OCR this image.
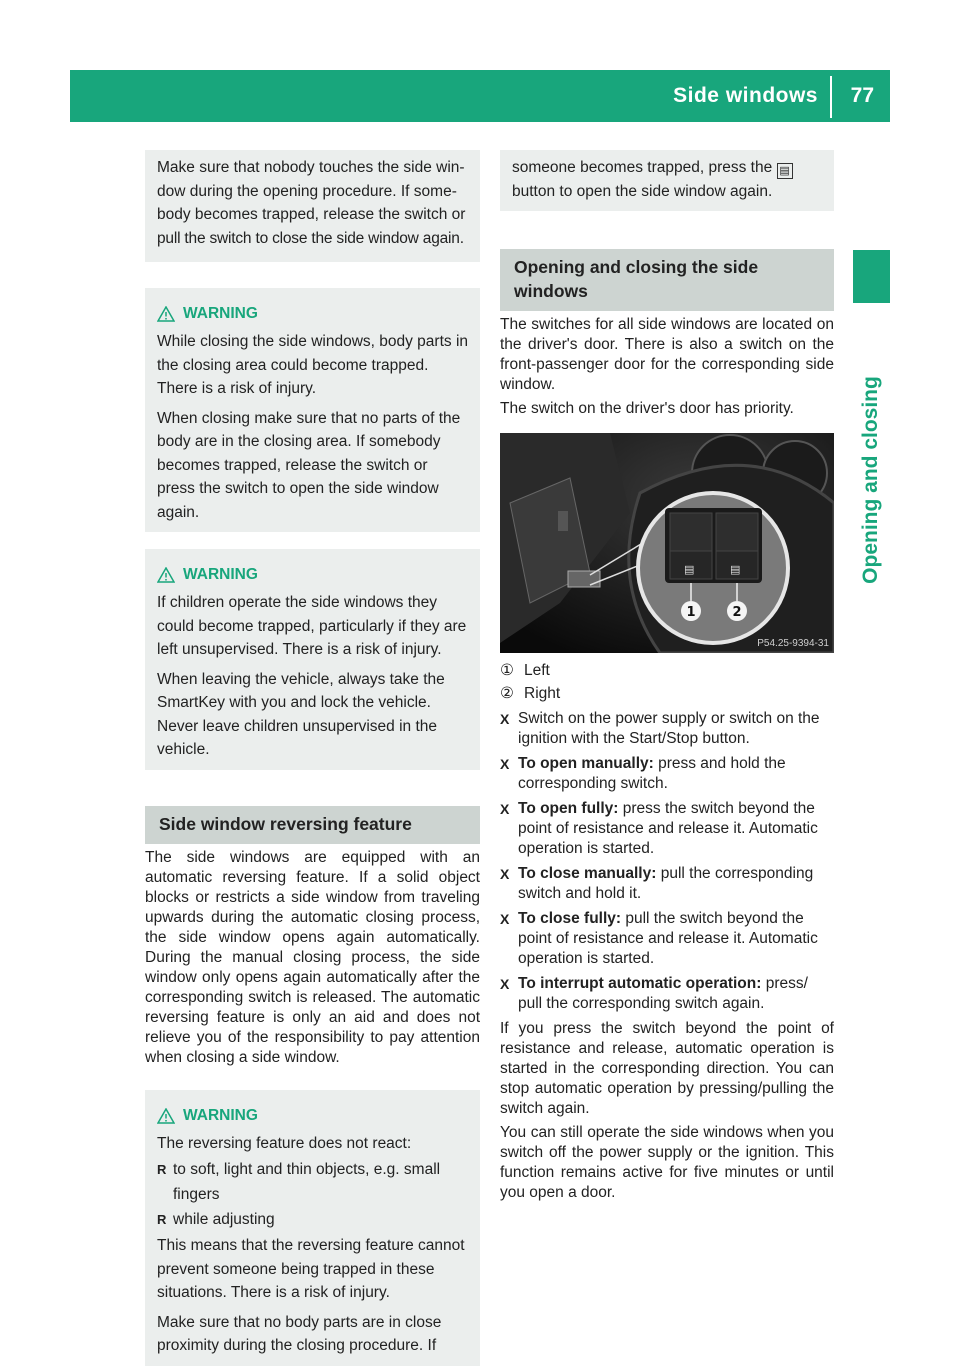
Side windows 77
Opening and closing
Make sure that nobody touches the side win-
dow during the opening procedure. If some-
body becomes trapped, release the switch or
pull the switch to close the side window again.
WARNING

While closing the side windows, body parts in the closing area could become trapped. There is a risk of injury.

When closing make sure that no parts of the body are in the closing area. If somebody becomes trapped, release the switch or press the switch to open the side window again.

WARNING

If children operate the side windows they could become trapped, particularly if they are left unsupervised. There is a risk of injury.

When leaving the vehicle, always take the SmartKey with you and lock the vehicle. Never leave children unsupervised in the vehicle.

Side window reversing feature

The side windows are equipped with an automatic reversing feature. If a solid object blocks or restricts a side window from traveling upwards during the automatic closing process, the side window opens again automatically. During the manual closing process, the side window only opens again automatically after the corresponding switch is released. The automatic reversing feature is only an aid and does not relieve you of the responsibility to pay attention when closing a side window.

WARNING

The reversing feature does not react:

R to soft, light and thin objects, e.g. small fingers
R while adjusting

This means that the reversing feature cannot prevent someone being trapped in these situations. There is a risk of injury.

Make sure that no body parts are in close proximity during the closing procedure. If

someone becomes trapped, press the ▤ button to open the side window again.

Opening and closing the side windows

The switches for all side windows are located on the driver's door. There is also a switch on the front-passenger door for the corresponding side window.

The switch on the driver's door has priority.

▤	▤
1	2
P54.25-9394-31
① Left
② Right
X Switch on the power supply or switch on the ignition with the Start/Stop button.
X To open manually: press and hold the corresponding switch.
X To open fully: press the switch beyond the point of resistance and release it. Automatic operation is started.
X To close manually: pull the corresponding switch and hold it.
X To close fully: pull the switch beyond the point of resistance and release it. Automatic operation is started.
X To interrupt automatic operation: press/ pull the corresponding switch again.

If you press the switch beyond the point of resistance and release, automatic operation is started in the corresponding direction. You can stop automatic operation by pressing/pulling the switch again.

You can still operate the side windows when you switch off the power supply or the ignition. This function remains active for five minutes or until you open a door.
